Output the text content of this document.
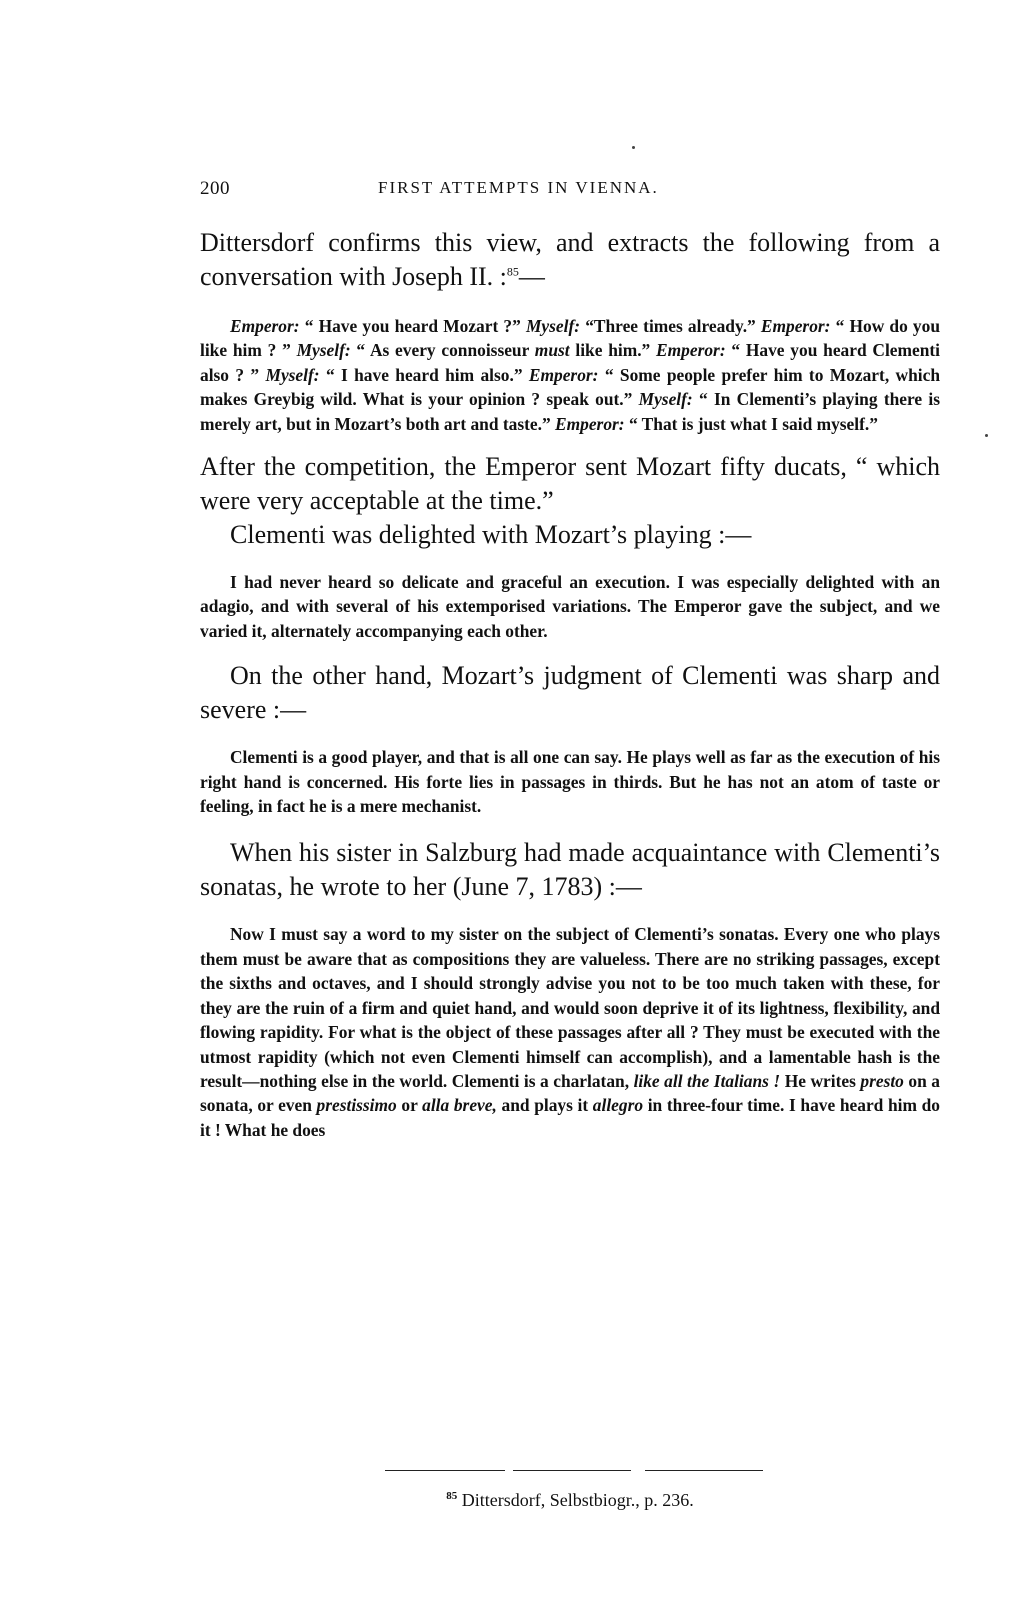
200	FIRST ATTEMPTS IN VIENNA.

Dittersdorf confirms this view, and extracts the following from a conversation with Joseph II. :$^{85}$—

Emperor: “ Have you heard Mozart ?” Myself: “Three times already.” Emperor: “ How do you like him ? ” Myself: “ As every connoisseur must like him.” Emperor: “ Have you heard Clementi also ? ” Myself: “ I have heard him also.” Emperor: “ Some people prefer him to Mozart, which makes Greybig wild. What is your opinion ? speak out.” Myself: “ In Clementi’s playing there is merely art, but in Mozart’s both art and taste.” Emperor: “ That is just what I said myself.”

After the competition, the Emperor sent Mozart fifty ducats, “ which were very acceptable at the time.”

Clementi was delighted with Mozart’s playing :—

I had never heard so delicate and graceful an execution. I was especially delighted with an adagio, and with several of his extemporised variations. The Emperor gave the subject, and we varied it, alternately accompanying each other.

On the other hand, Mozart’s judgment of Clementi was sharp and severe :—

Clementi is a good player, and that is all one can say. He plays well as far as the execution of his right hand is concerned. His forte lies in passages in thirds. But he has not an atom of taste or feeling, in fact he is a mere mechanist.

When his sister in Salzburg had made acquaintance with Clementi’s sonatas, he wrote to her (June 7, 1783) :—

Now I must say a word to my sister on the subject of Clementi’s sonatas. Every one who plays them must be aware that as compositions they are valueless. There are no striking passages, except the sixths and octaves, and I should strongly advise you not to be too much taken with these, for they are the ruin of a firm and quiet hand, and would soon deprive it of its lightness, flexibility, and flowing rapidity. For what is the object of these passages after all ? They must be executed with the utmost rapidity (which not even Clementi himself can accomplish), and a lamentable hash is the result—nothing else in the world. Clementi is a charlatan, like all the Italians ! He writes presto on a sonata, or even prestissimo or alla breve, and plays it allegro in three-four time. I have heard him do it ! What he does

$^{85}$ Dittersdorf, Selbstbiogr., p. 236.
